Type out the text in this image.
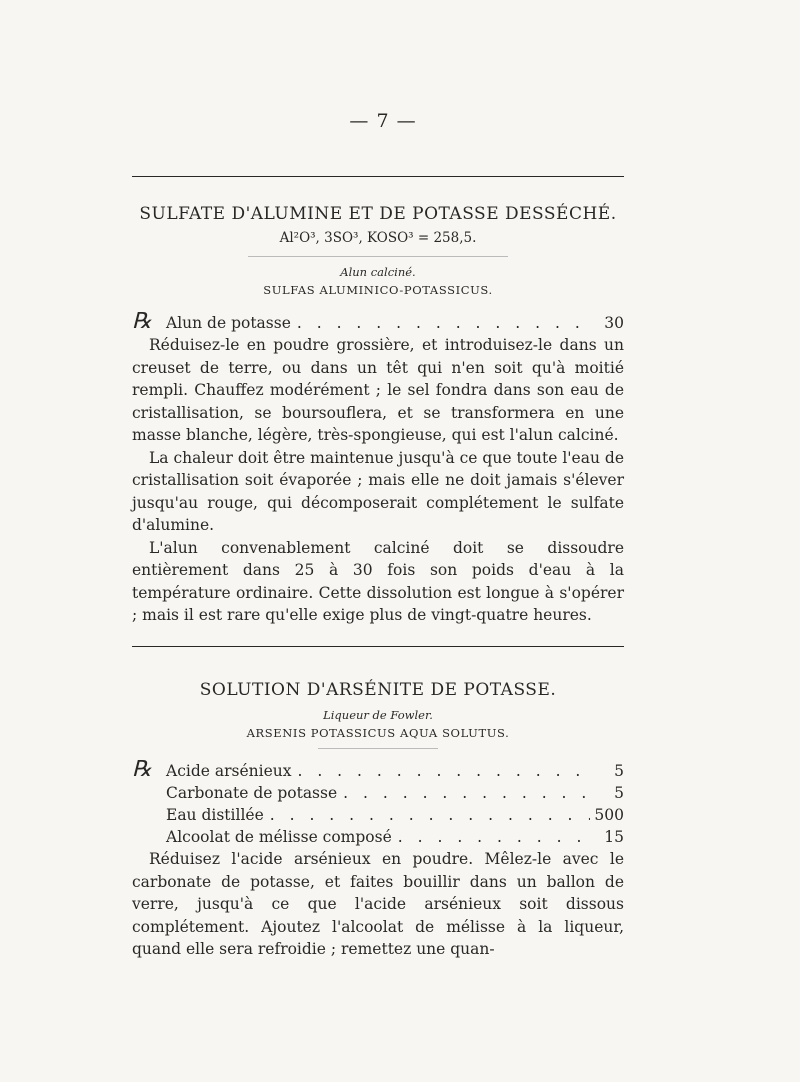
— 7 —
SULFATE D'ALUMINE ET DE POTASSE DESSÉCHÉ.
Al²O³, 3SO³, KOSO³ = 258,5.
Alun calciné.
SULFAS ALUMINICO-POTASSICUS.
℞ Alun de potasse . . .	30

Réduisez-le en poudre grossière, et introduisez-le dans un creuset de terre, ou dans un têt qui n'en soit qu'à moitié rempli. Chauffez modérément ; le sel fondra dans son eau de cristallisation, se boursouflera, et se transformera en une masse blanche, légère, très-spongieuse, qui est l'alun calciné.

La chaleur doit être maintenue jusqu'à ce que toute l'eau de cristallisation soit évaporée ; mais elle ne doit jamais s'élever jusqu'au rouge, qui décomposerait complétement le sulfate d'alumine.

L'alun convenablement calciné doit se dissoudre entièrement dans 25 à 30 fois son poids d'eau à la température ordinaire. Cette dissolution est longue à s'opérer ; mais il est rare qu'elle exige plus de vingt-quatre heures.

SOLUTION D'ARSÉNITE DE POTASSE.
Liqueur de Fowler.
ARSENIS POTASSICUS AQUA SOLUTUS.
℞ Acide arsénieux . . .	5
Carbonate de potasse . . .	5
Eau distillée . . .	500
Alcoolat de mélisse composé . . .	15

Réduisez l'acide arsénieux en poudre. Mêlez-le avec le carbonate de potasse, et faites bouillir dans un ballon de verre, jusqu'à ce que l'acide arsénieux soit dissous complétement. Ajoutez l'alcoolat de mélisse à la liqueur, quand elle sera refroidie ; remettez une quan-
